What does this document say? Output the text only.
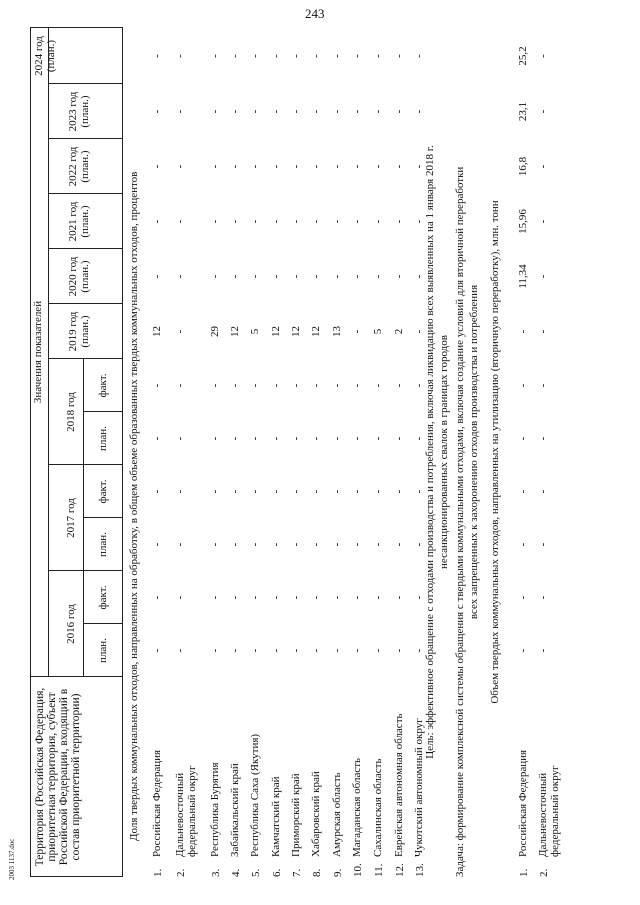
243
2003 1137.doc Территория (Российская Федерация, приоритетная территория, субъект Российской Федерации, входящий в состав приоритетной территории)
Значения показателей
2016 год
2017 год
2018 год
план.
факт.
план.
факт.
план.
факт.
2019 год (план.)
2020 год (план.)
2021 год (план.)
2022 год (план.)
2023 год (план.)
2024 год (план.)
Доля твердых коммунальных отходов, направленных на обработку, в общем объеме образованных твердых коммунальных отходов, процентов
1.
Российская Федерация
-
-
-
-
-
-
12
-
-
-
-
-
2.
Дальневосточный федеральный округ
-
-
-
-
-
-
-
-
-
-
-
-
3.
Республика Бурятия
-
-
-
-
-
-
29
-
-
-
-
-
4.
Забайкальский край
-
-
-
-
-
-
12
-
-
-
-
-
5.
Республика Саха (Якутия)
-
-
-
-
-
-
5
-
-
-
-
-
6.
Камчатский край
-
-
-
-
-
-
12
-
-
-
-
-
7.
Приморский край
-
-
-
-
-
-
12
-
-
-
-
-
8.
Хабаровский край
-
-
-
-
-
-
12
-
-
-
-
-
9.
Амурская область
-
-
-
-
-
-
13
-
-
-
-
-
10.
Магаданская область
-
-
-
-
-
-
-
-
-
-
-
-
11.
Сахалинская область
-
-
-
-
-
-
5
-
-
-
-
-
12.
Еврейская автономная область
-
-
-
-
-
-
2
-
-
-
-
-
13.
Чукотский автономный округ
-
-
-
-
-
-
-
-
-
-
-
-
Цель: эффективное обращение с отходами производства и потребления, включая ликвидацию всех выявленных на 1 января 2018 г. несанкционированных свалок в границах городов Задача: формирование комплексной системы обращения с твердыми коммунальными отходами, включая создание условий для вторичной переработки всех запрещенных к захоронению отходов производства и потребления Объем твердых коммунальных отходов, направленных на утилизацию (вторичную переработку), млн. тонн
1.
Российская Федерация
-
-
-
-
-
-
-
11,34
15,96
16,8
23,1
25,2
2.
Дальневосточный федеральный округ
-
-
-
-
-
-
-
-
-
-
-
-
